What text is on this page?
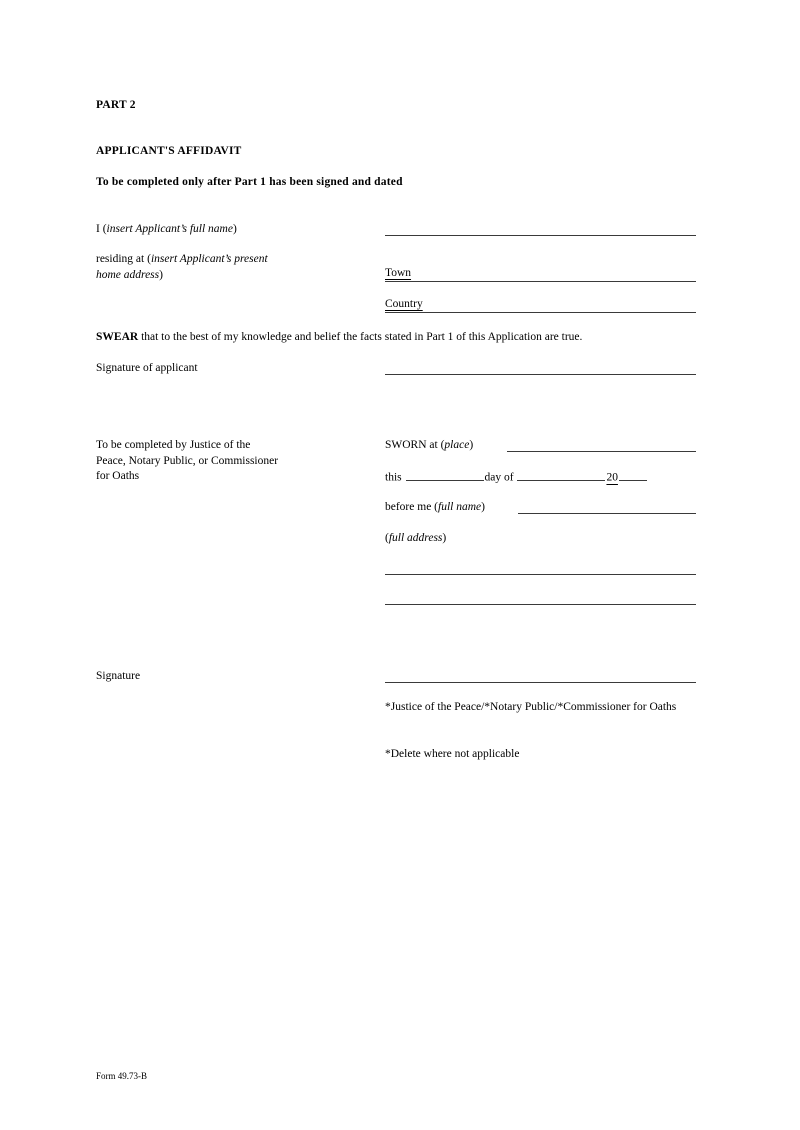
PART 2
APPLICANT'S AFFIDAVIT
To be completed only after Part 1 has been signed and dated
I (insert Applicant’s full name)
residing at (insert Applicant’s present
home address)	Town
Country
SWEAR that to the best of my knowledge and belief the facts stated in Part 1 of this Application are true.
Signature of applicant
To be completed by Justice of the
Peace, Notary Public, or Commissioner
for Oaths
SWORN at (place)
this	day of	20
before me (full name)
(full address)
Signature
*Justice of the Peace/*Notary Public/*Commissioner for Oaths
*Delete where not applicable
Form 49.73-B
